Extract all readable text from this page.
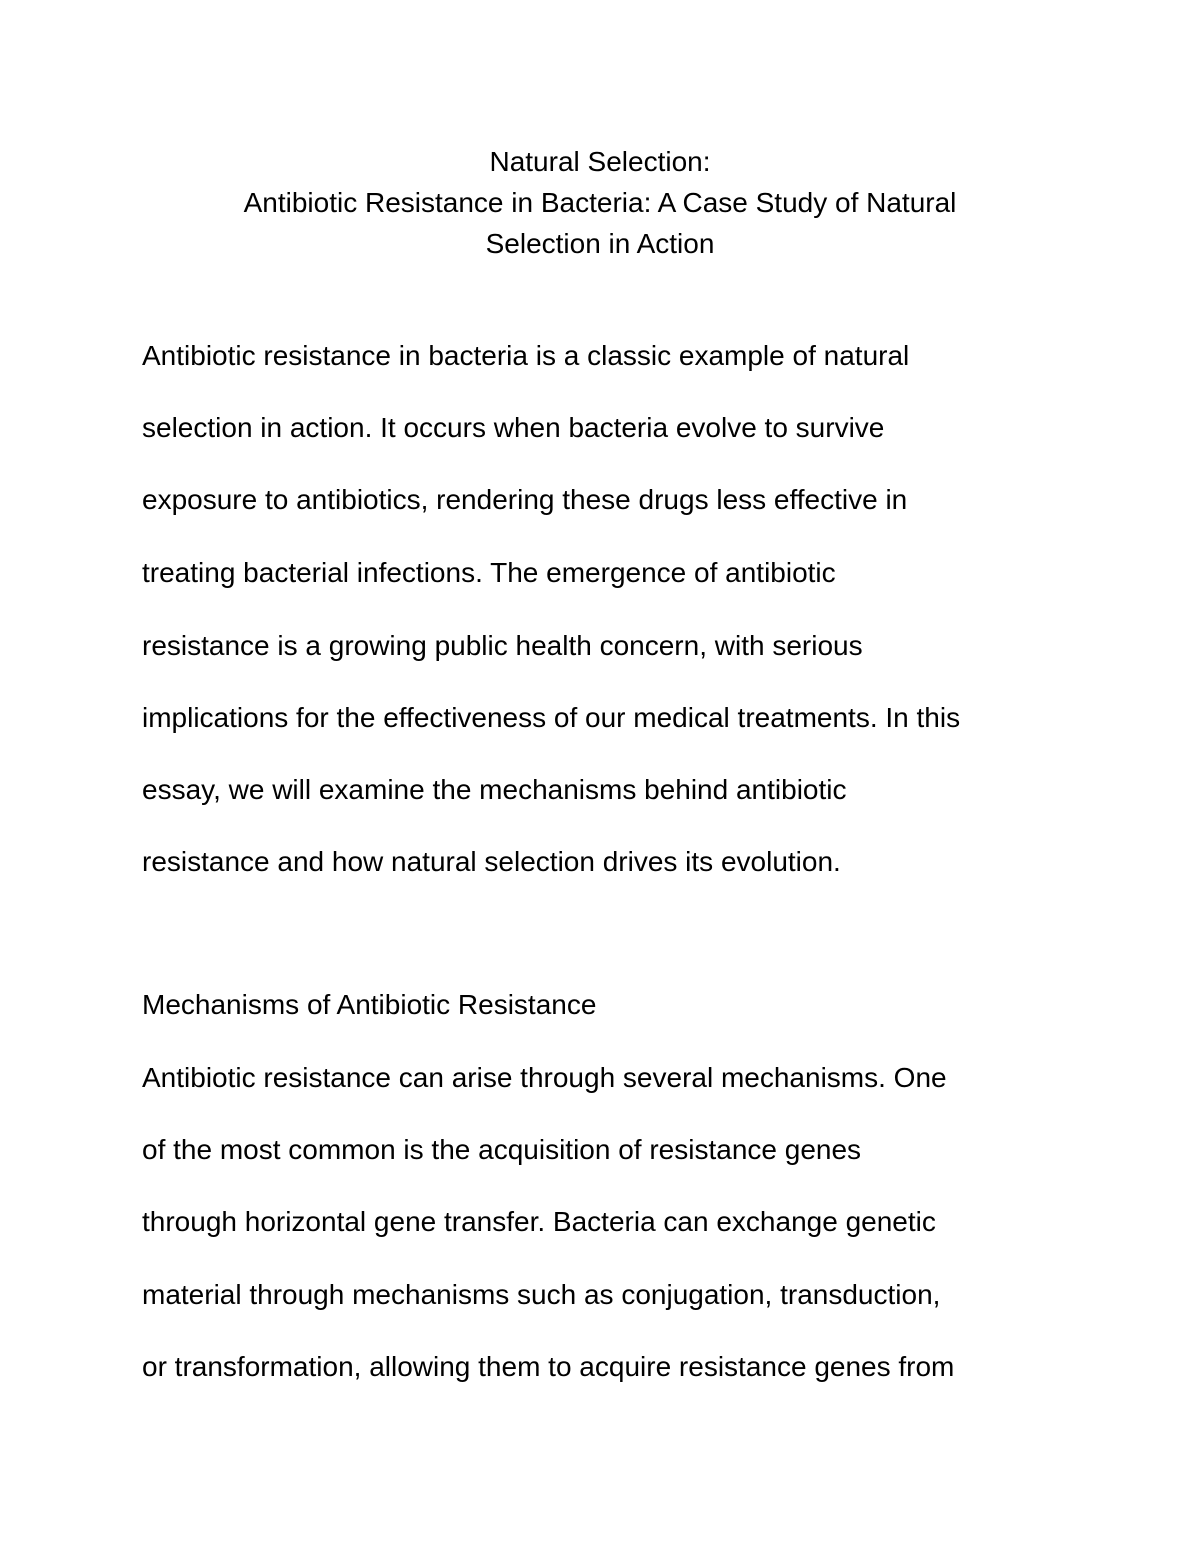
Natural Selection:
Antibiotic Resistance in Bacteria: A Case Study of Natural
Selection in Action
Antibiotic resistance in bacteria is a classic example of natural
selection in action. It occurs when bacteria evolve to survive
exposure to antibiotics, rendering these drugs less effective in
treating bacterial infections. The emergence of antibiotic
resistance is a growing public health concern, with serious
implications for the effectiveness of our medical treatments. In this
essay, we will examine the mechanisms behind antibiotic
resistance and how natural selection drives its evolution.
Mechanisms of Antibiotic Resistance
Antibiotic resistance can arise through several mechanisms. One
of the most common is the acquisition of resistance genes
through horizontal gene transfer. Bacteria can exchange genetic
material through mechanisms such as conjugation, transduction,
or transformation, allowing them to acquire resistance genes from
